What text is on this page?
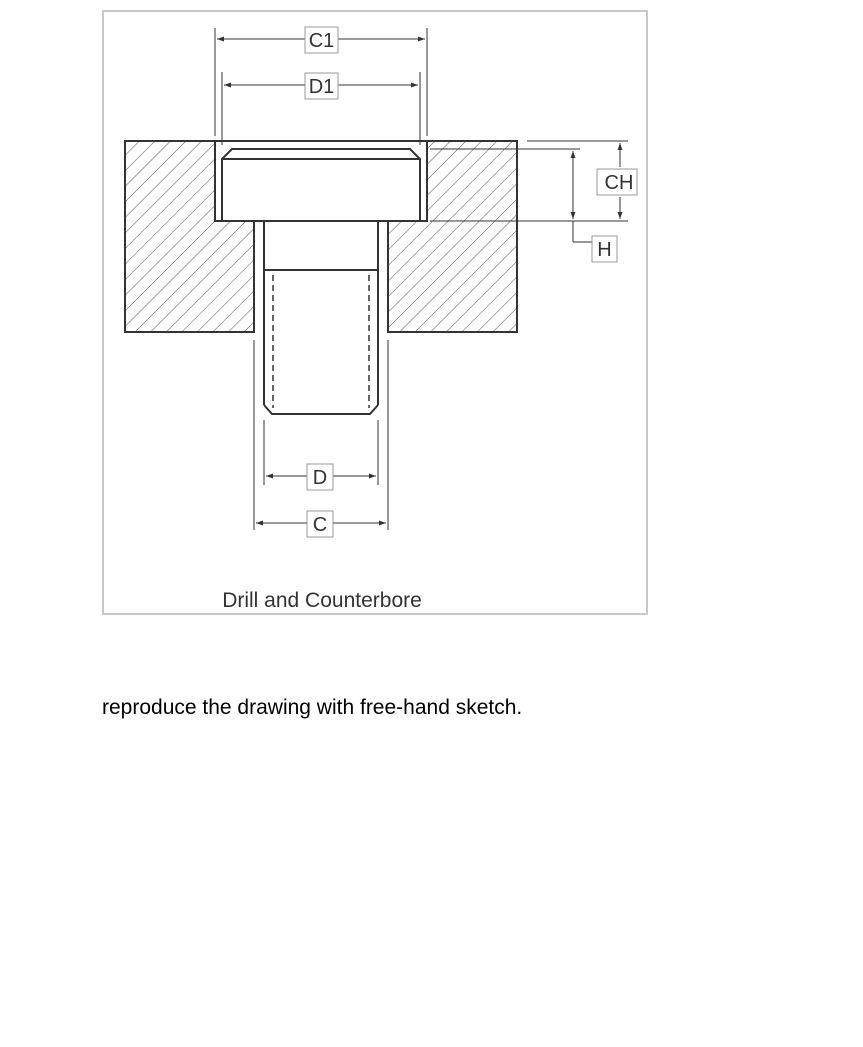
C1
D1
CH
H
D
C
Drill and Counterbore
reproduce the drawing with free-hand sketch.
